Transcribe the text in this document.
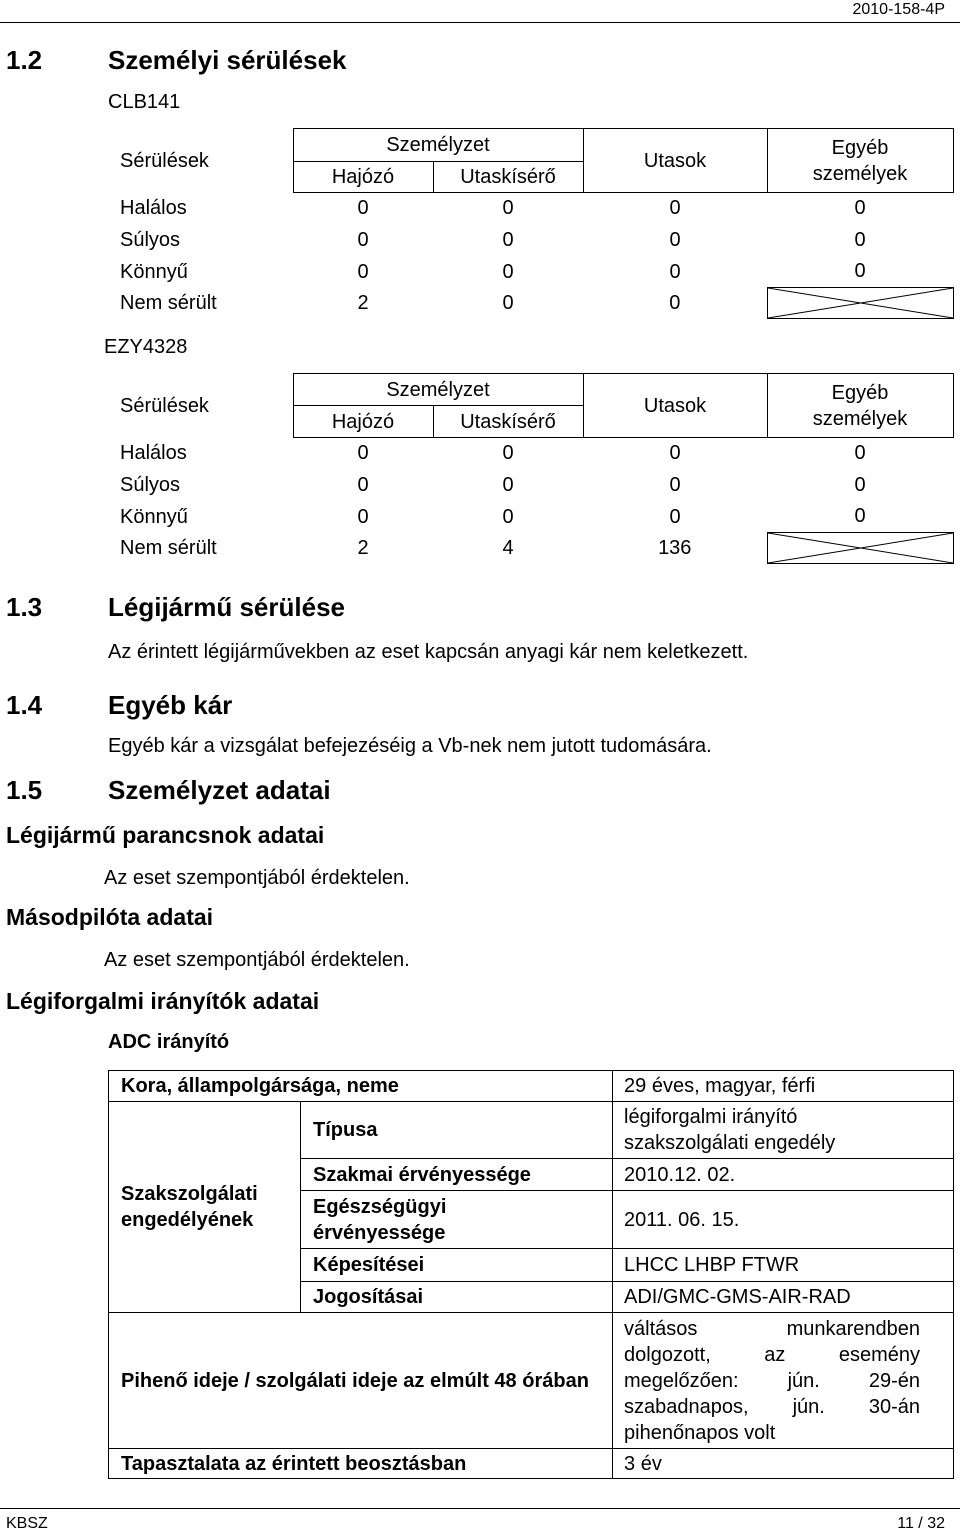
2010-158-4P
1.2	Személyi sérülések
CLB141
Sérülések	Személyzet		Utasok	Egyéb személyek
	Hajózó	Utaskísérő		
Halálos	0	0	0	0
Súlyos	0	0	0	0
Könnyű	0	0	0	0
Nem sérült	2	0	0	
EZY4328
Sérülések	Személyzet		Utasok	Egyéb személyek
	Hajózó	Utaskísérő		
Halálos	0	0	0	0
Súlyos	0	0	0	0
Könnyű	0	0	0	0
Nem sérült	2	4	136	
1.3	Légijármű sérülése
Az érintett légijárművekben az eset kapcsán anyagi kár nem keletkezett.
1.4	Egyéb kár
Egyéb kár a vizsgálat befejezéséig a Vb-nek nem jutott tudomására.
1.5	Személyzet adatai
Légijármű parancsnok adatai
Az eset szempontjából érdektelen.
Másodpilóta adatai
Az eset szempontjából érdektelen.
Légiforgalmi irányítók adatai
ADC irányító
Kora, állampolgársága, neme		29 éves, magyar, férfi
Szakszolgálati engedélyének	Típusa	légiforgalmi irányító szakszolgálati engedély
	Szakmai érvényessége	2010.12. 02.
	Egészségügyi érvényessége	2011. 06. 15.
	Képesítései	LHCC LHBP FTWR
	Jogosításai	ADI/GMC-GMS-AIR-RAD
Pihenő ideje / szolgálati ideje az elmúlt 48 órában		váltásos munkarendben dolgozott, az esemény megelőzően: jún. 29-én szabadnapos, jún. 30-án pihenőnapos volt

Tapasztalata az érintett beosztásban		3 év
KBSZ	11 / 32
